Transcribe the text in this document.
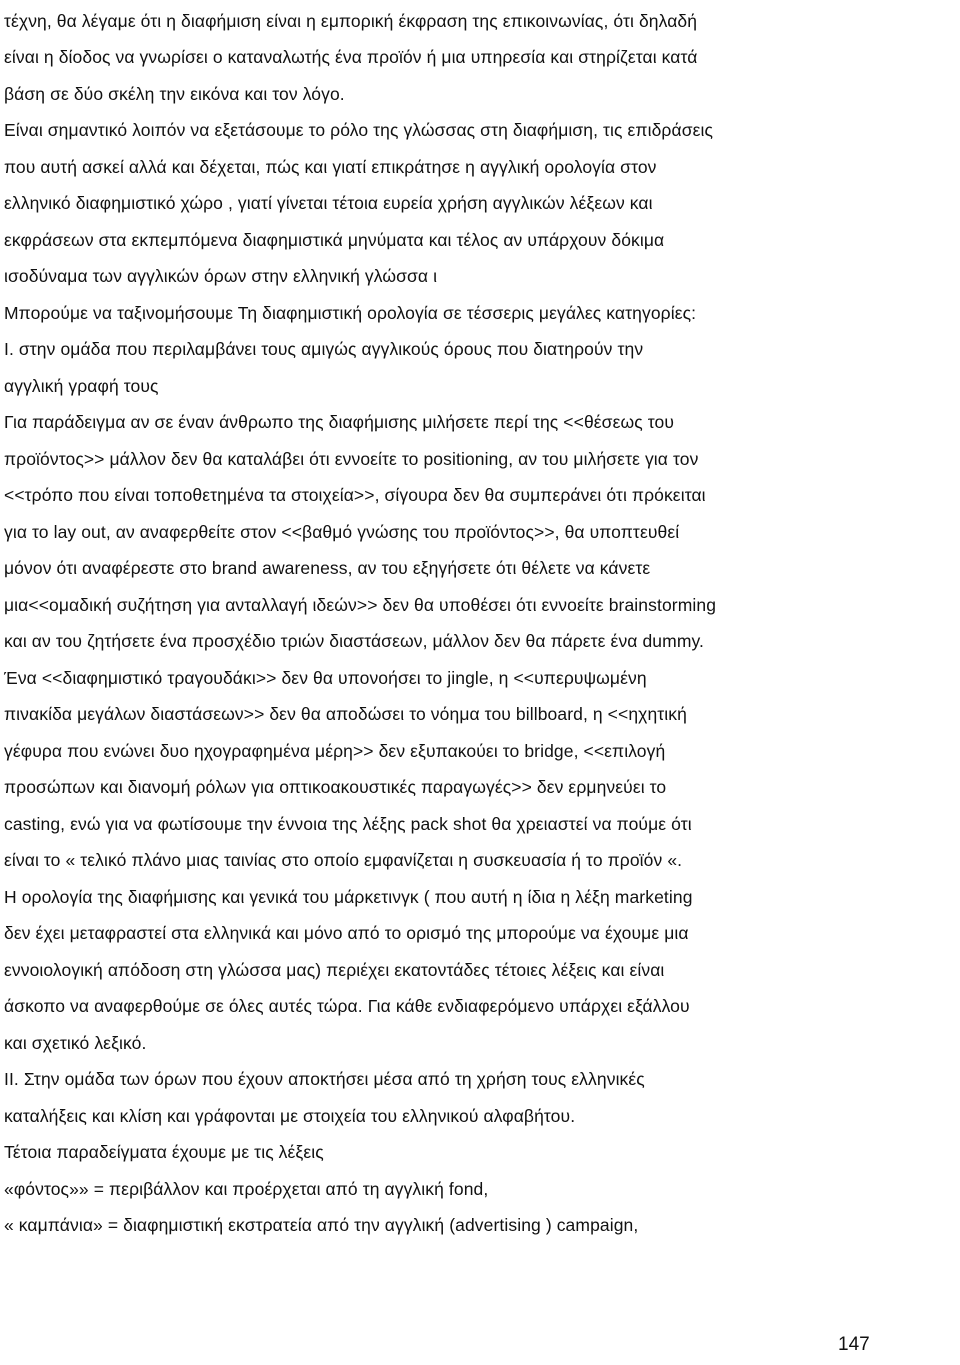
τέχνη, θα λέγαμε ότι η διαφήμιση είναι η εμπορική έκφραση της επικοινωνίας, ότι δηλαδή
είναι η δίοδος να γνωρίσει ο καταναλωτής ένα προϊόν ή μια υπηρεσία και στηρίζεται κατά
βάση σε δύο σκέλη την εικόνα και τον λόγο.
Είναι σημαντικό λοιπόν να εξετάσουμε το ρόλο της γλώσσας στη διαφήμιση, τις επιδράσεις
που αυτή ασκεί αλλά και δέχεται, πώς και γιατί επικράτησε η αγγλική ορολογία στον
ελληνικό διαφημιστικό χώρο , γιατί γίνεται τέτοια ευρεία χρήση αγγλικών λέξεων και
εκφράσεων στα εκπεμπόμενα διαφημιστικά μηνύματα και τέλος αν υπάρχουν δόκιμα
ισοδύναμα των αγγλικών όρων στην ελληνική γλώσσα ι
Μπορούμε να ταξινομήσουμε Τη διαφημιστική ορολογία σε τέσσερις μεγάλες κατηγορίες:
I. στην ομάδα που περιλαμβάνει τους αμιγώς αγγλικούς όρους που διατηρούν την
αγγλική γραφή τους
Για παράδειγμα αν σε έναν άνθρωπο της διαφήμισης μιλήσετε περί της <<θέσεως του
προϊόντος>> μάλλον δεν θα καταλάβει ότι εννοείτε το positioning, αν του μιλήσετε για τον
<<τρόπο που είναι τοποθετημένα τα στοιχεία>>, σίγουρα δεν θα συμπεράνει ότι πρόκειται
για το lay out, αν αναφερθείτε στον <<βαθμό γνώσης του προϊόντος>>, θα υποπτευθεί
μόνον ότι αναφέρεστε στο brand awareness, αν του εξηγήσετε ότι θέλετε να κάνετε
μια<<ομαδική συζήτηση για ανταλλαγή ιδεών>> δεν θα υποθέσει ότι εννοείτε brainstorming
και αν του ζητήσετε ένα προσχέδιο τριών διαστάσεων, μάλλον δεν θα πάρετε ένα dummy.
Ένα <<διαφημιστικό τραγουδάκι>> δεν θα υπονοήσει το jingle, η <<υπερυψωμένη
πινακίδα μεγάλων διαστάσεων>> δεν θα αποδώσει το νόημα του billboard, η <<ηχητική
γέφυρα που ενώνει δυο ηχογραφημένα μέρη>> δεν εξυπακούει το bridge, <<επιλογή
προσώπων και διανομή ρόλων για οπτικοακουστικές παραγωγές>> δεν ερμηνεύει το
casting, ενώ για να φωτίσουμε την έννοια της λέξης pack shot θα χρειαστεί να πούμε ότι
είναι το « τελικό πλάνο μιας ταινίας στο οποίο εμφανίζεται η συσκευασία ή το προϊόν «.
Η ορολογία της διαφήμισης και γενικά του μάρκετινγκ ( που αυτή η ίδια η λέξη marketing
δεν έχει μεταφραστεί στα ελληνικά και μόνο από το ορισμό της μπορούμε να έχουμε μια
εννοιολογική απόδοση στη γλώσσα μας) περιέχει εκατοντάδες τέτοιες λέξεις και είναι
άσκοπο να αναφερθούμε σε όλες αυτές τώρα. Για κάθε ενδιαφερόμενο υπάρχει εξάλλου
και σχετικό λεξικό.
II. Στην ομάδα των όρων που έχουν αποκτήσει μέσα από τη χρήση τους ελληνικές
καταλήξεις και κλίση και γράφονται με στοιχεία του ελληνικού αλφαβήτου.
Τέτοια παραδείγματα έχουμε με τις λέξεις
«φόντος»» = περιβάλλον και προέρχεται από τη αγγλική fond,
« καμπάνια» = διαφημιστική εκστρατεία από την αγγλική (advertising ) campaign,
147
